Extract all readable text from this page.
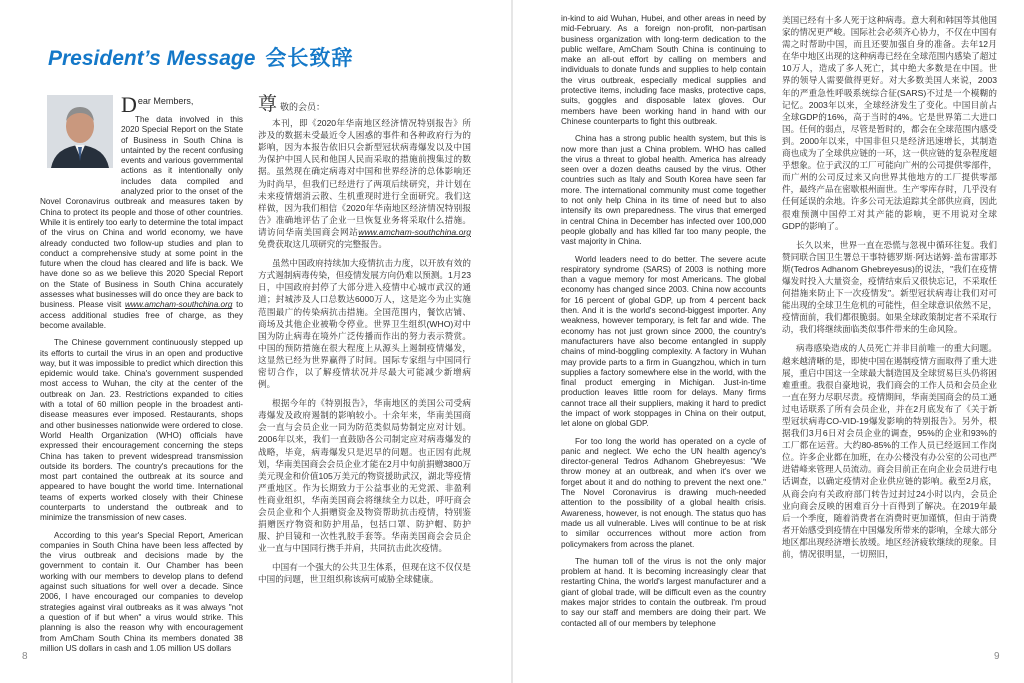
President’s Message 会长致辞
Dear Members,

The data involved in this 2020 Special Report on the State of Business in South China is untainted by the recent confusing events and various governmental actions as it intentionally only includes data compiled and analyzed prior to the onset of the Novel Coronavirus outbreak and measures taken by China to protect its people and those of other countries. While it is entirely too early to determine the total impact of the virus on China and world economy, we have already conducted two follow-up studies and plan to conduct a comprehensive study at some point in the future when the cloud has cleared and life is back. We have done so as we believe this 2020 Special Report on the State of Business in South China accurately assesses what businesses will do once they are back to business. Please visit www.amcham-southchina.org to access additional studies free of charge, as they become available.

The Chinese government continuously stepped up its efforts to curtail the virus in an open and productive way, but it was impossible to predict which direction this epidemic would take. China's government suspended most access to Wuhan, the city at the center of the outbreak on Jan. 23. Restrictions expanded to cities with a total of 60 million people in the broadest anti-disease measures ever imposed. Restaurants, shops and other businesses nationwide were ordered to close. World Health Organization (WHO) officials have expressed their encouragement concerning the steps China has taken to prevent widespread transmission outside its borders. The country's precautions for the most part contained the outbreak at its source and appeared to have bought the world time. International teams of experts worked closely with their Chinese counterparts to understand the outbreak and to minimize the transmission of new cases.

According to this year's Special Report, American companies in South China have been less affected by the virus outbreak and decisions made by the government to contain it. Our Chamber has been working with our members to develop plans to defend against such situations for well over a decade. Since 2006, I have encouraged our companies to develop strategies against viral outbreaks as it was always "not a question of if but when" a virus would strike. This planning is also the reason why with encouragement from AmCham South China its members donated 38 million US dollars in cash and 1.05 million US dollars

尊敬的会员：

本刊，即《2020年华南地区经济情况特别报告》所涉及的数据未受最近令人困惑的事件和各种政府行为的影响，因为本报告依旧只会新型冠状病毒爆发以及中国为保护中国人民和他国人民而采取的措施前搜集过的数据。虽然现在确定病毒对中国和世界经济的总体影响还为时尚早，但我们已经进行了两项后续研究，并计划在未来疫情烟消云散、生机重现时进行全面研究。我们这样做，因为我们相信《2020年华南地区经济情况特别报告》准确地评估了企业一旦恢复业务将采取什么措施。请访问华南美国商会网站www.amcham-southchina.org免费获取这几项研究的完整报告。

虽然中国政府持续加大疫情抗击力度，以开放有效的方式遏制病毒传染，但疫情发展方向仍难以预测。1月23日，中国政府封停了大部分进入疫情中心城市武汉的通道；封城涉及人口总数达6000万人，这是迄今为止实施范围最广的传染病抗击措施。全国范围内，餐饮店铺、商场及其他企业被勒令停业。世界卫生组织(WHO)对中国为防止病毒在境外广泛传播而作出的努力表示赞赏。中国的预防措施在很大程度上从源头上遏制疫情爆发，这显然已经为世界赢得了时间。国际专家组与中国同行密切合作，以了解疫情状况并尽最大可能减少新增病例。

根据今年的《特别报告》，华南地区的美国公司受病毒爆发及政府遏制的影响较小。十余年来，华南美国商会一直与会员企业一同为防范类似局势制定应对计划。2006年以来，我们一直鼓励各公司制定应对病毒爆发的战略，毕竟，病毒爆发只是迟早的问题。也正因有此规划，华南美国商会会员企业才能在2月中旬前捐赠3800万美元现金和价值105万美元的物资援助武汉，湖北等疫情严重地区。作为长期致力于公益事业的无党派、非盈利性商业组织，华南美国商会将继续全力以赴，呼吁商会会员企业和个人捐赠资金及物资帮助抗击疫情，特别鉴捐赠医疗物资和防护用品，包括口罩、防护帽、防护服、护目镜和一次性乳胶手套等。华南美国商会会员企业一直与中国同行携手并肩，共同抗击此次疫情。

中国有一个强大的公共卫生体系，但现在这不仅仅是中国的问题，世卫组织称该病可威胁全球健康。

8

in-kind to aid Wuhan, Hubei, and other areas in need by mid-February. As a foreign non-profit, non-partisan business organization with long-term dedication to the public welfare, AmCham South China is continuing to make an all-out effort by calling on members and individuals to donate funds and supplies to help contain the virus outbreak, especially medical supplies and protective items, including face masks, protective caps, suits, goggles and disposable latex gloves. Our members have been working hand in hand with our Chinese counterparts to fight this outbreak.

China has a strong public health system, but this is now more than just a China problem. WHO has called the virus a threat to global health. America has already seen over a dozen deaths caused by the virus. Other countries such as Italy and South Korea have seen far more. The international community must come together to not only help China in its time of need but to also intensify its own preparedness. The virus that emerged in central China in December has infected over 100,000 people globally and has killed far too many people, the vast majority in China.

World leaders need to do better. The severe acute respiratory syndrome (SARS) of 2003 is nothing more than a vague memory for most Americans. The global economy has changed since 2003. China now accounts for 16 percent of global GDP, up from 4 percent back then. And it is the world's second-biggest importer. Any weakness, however temporary, is felt far and wide. The economy has not just grown since 2000, the country's manufacturers have also become entangled in supply chains of mind-boggling complexity. A factory in Wuhan may provide parts to a firm in Guangzhou, which in turn supplies a factory somewhere else in the world, with the final product emerging in Michigan. Just-in-time production leaves little room for delays. Many firms cannot trace all their suppliers, making it hard to predict the impact of work stoppages in China on their output, let alone on global GDP.

For too long the world has operated on a cycle of panic and neglect. We echo the UN health agency's director-general Tedros Adhanom Ghebreyesus: "We throw money at an outbreak, and when it's over we forget about it and do nothing to prevent the next one." The Novel Coronavirus is drawing much-needed attention to the possibility of a global health crisis. Awareness, however, is not enough. The status quo has made us all vulnerable. Lives will continue to be at risk to similar occurrences without more action from policymakers from across the planet.

The human toll of the virus is not the only major problem at hand. It is becoming increasingly clear that restarting China, the world's largest manufacturer and a giant of global trade, will be difficult even as the country makes major strides to contain the outbreak. I'm proud to say our staff and members are doing their part. We contacted all of our members by telephone

美国已经有十多人死于这种病毒。意大利和韩国等其他国家的情况更严峻。国际社会必须齐心协力，不仅在中国有需之时帮助中国，而且还要加强自身的准备。去年12月在华中地区出现的这种病毒已经在全球范围内感染了超过10万人，造成了多人死亡，其中绝大多数是在中国。世界的领导人需要做得更好。对大多数美国人来说，2003年的严重急性呼吸系统综合征(SARS)不过是一个模糊的记忆。2003年以来，全球经济发生了变化。中国目前占全球GDP的16%，高于当时的4%。它是世界第二大进口国。任何的弱点，尽管是暂时的，都会在全球范围内感受到。2000年以来，中国非但只是经济迅速增长，其制造商也成为了全球供应链的一环，这一供应链的复杂程度超乎想象。位于武汉的工厂可能向广州的公司提供零部件，而广州的公司反过来又向世界其他地方的工厂提供零部件，最终产品在密歇根州面世。生产零库存时，几乎没有任何延误的余地。许多公司无法追踪其全部供应商，因此很难预测中国停工对其产能的影响，更不用说对全球GDP的影响了。

长久以来，世界一直在恐慌与忽视中循环往复。我们赞同联合国卫生署总干事特德罗斯·阿达诺姆·盖布雷耶苏斯(Tedros Adhanom Ghebreyesus)的说法，"我们在疫情爆发时投入大量资金，疫情结束后又很快忘记，不采取任何措施来防止下一次疫情发"。新型冠状病毒让我们对可能出现的全球卫生危机的可能性，但全球意识依然不足，疫情面前，我们都很脆弱。如果全球政策制定者不采取行动，我们将继续面临类似事件带来的生命风险。

病毒感染造成的人员死亡并非目前唯一的重大问题。越来越清晰的是，即使中国在遏制疫情方面取得了重大进展，重启中国这一全球最大制造国及全球贸易巨头仍将困难重重。我很自豪地说，我们商会的工作人员和会员企业一直在努力尽职尽责。疫情期间，华南美国商会的员工通过电话联系了所有会员企业，并在2月底发布了《关于新型冠状病毒CO-VID-19爆发影响的特别报告》。另外，根据我们3月6日对会员企业的调查，95%的企业和93%的工厂都在运营。大约80-85%的工作人员已经返回工作岗位。许多企业都在加班，在办公楼没有办公室的公司也严进错峰来管理人员流动。商会目前正在向企业会员进行电话调查，以确定疫情对企业供应链的影响。截至2月底，从商会向有关政府部门转告过封过24小时以内，会员企业向商会反映的困难百分十百得到了解决。在2019年最后一个季度，随着消费者在消费时更加谨慎，但由于消费者开始感受到疫情在中国爆发所带来的影响，全球大部分地区都出现经济增长放缓。地区经济疲软继续的现象。目前，情况很明显，一切照旧，

9
